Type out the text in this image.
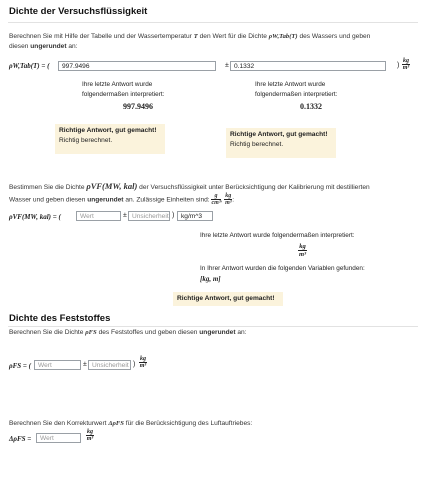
Dichte der Versuchsflüssigkeit
Berechnen Sie mit Hilfe der Tabelle und der Wassertemperatur T den Wert für die Dichte ρW,Tab(T) des Wassers und geben
diesen ungerundet an:
ρW,Tab(T) = (	997.9496	± 0.1332	) $\frac{kg}{\text{m³}}$
Ihre letzte Antwort wurde folgendermaßen interpretiert:
997.9496
Ihre letzte Antwort wurde folgendermaßen interpretiert:
0.1332
Richtige Antwort, gut gemacht!
Richtig berechnet.
Richtige Antwort, gut gemacht!
Richtig berechnet.
Bestimmen Sie die Dichte ρVF(MW, kal) der Versuchsflüssigkeit unter Berücksichtigung der Kalibrierung mit destillierten
Wasser und geben diesen ungerundet an. Zulässige Einheiten sind: $\frac{g}{\text{cm³}}$ , $\frac{kg}{\text{m³}}$ :
ρVF(MW, kal) = (	Wert	± Unsicherheit )	kg/m^3
Ihre letzte Antwort wurde folgendermaßen interpretiert:
$\frac{kg}{\text{m³}}$
In Ihrer Antwort wurden die folgenden Variablen gefunden:
[kg, m]
Richtige Antwort, gut gemacht!
Dichte des Feststoffes
Berechnen Sie die Dichte ρFS des Feststoffes und geben diesen ungerundet an:
ρFS = (	Wert	± Unsicherheit ) $\frac{kg}{\text{m³}}$
Berechnen Sie den Korrekturwert ΔρFS für die Berücksichtigung des Luftauftriebes:
ΔρFS =	Wert	$\frac{kg}{\text{m³}}$
